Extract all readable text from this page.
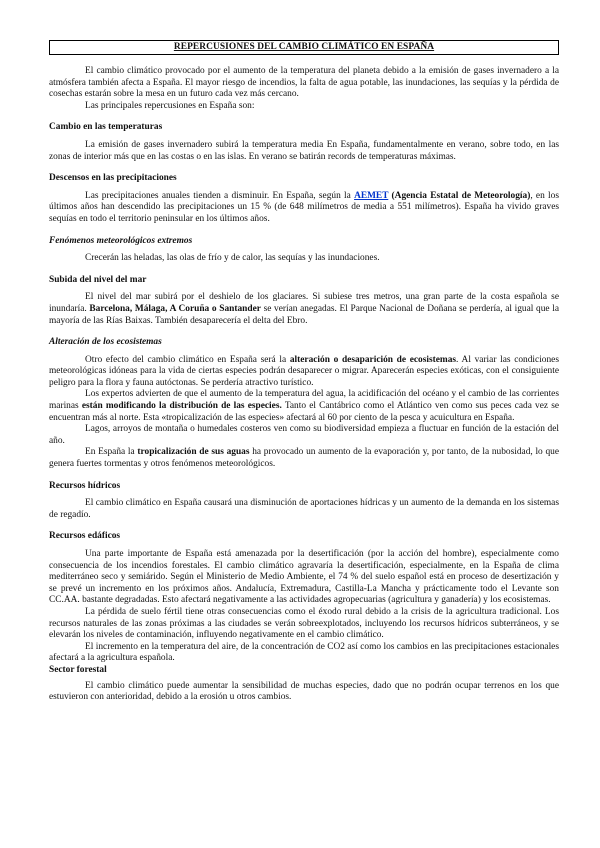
REPERCUSIONES DEL CAMBIO CLIMÁTICO EN ESPAÑA

El cambio climático provocado por el aumento de la temperatura del planeta debido a la emisión de gases invernadero a la atmósfera también afecta a España. El mayor riesgo de incendios, la falta de agua potable, las inundaciones, las sequías y la pérdida de cosechas estarán sobre la mesa en un futuro cada vez más cercano.

Las principales repercusiones en España son:

Cambio en las temperaturas

La emisión de gases invernadero subirá la temperatura media En España, fundamentalmente en verano, sobre todo, en las zonas de interior más que en las costas o en las islas. En verano se batirán records de temperaturas máximas.

Descensos en las precipitaciones

Las precipitaciones anuales tienden a disminuir. En España, según la AEMET (Agencia Estatal de Meteorología), en los últimos años han descendido las precipitaciones un 15 % (de 648 milímetros de media a 551 milímetros). España ha vivido graves sequías en todo el territorio peninsular en los últimos años.

Fenómenos meteorológicos extremos

Crecerán las heladas, las olas de frío y de calor, las sequías y las inundaciones.

Subida del nivel del mar

El nivel del mar subirá por el deshielo de los glaciares. Si subiese tres metros, una gran parte de la costa española se inundaría. Barcelona, Málaga, A Coruña o Santander se verían anegadas. El Parque Nacional de Doñana se perdería, al igual que la mayoría de las Rías Baixas. También desaparecería el delta del Ebro.

Alteración de los ecosistemas

Otro efecto del cambio climático en España será la alteración o desaparición de ecosistemas. Al variar las condiciones meteorológicas idóneas para la vida de ciertas especies podrán desaparecer o migrar. Aparecerán especies exóticas, con el consiguiente peligro para la flora y fauna autóctonas. Se perdería atractivo turístico.

Los expertos advierten de que el aumento de la temperatura del agua, la acidificación del océano y el cambio de las corrientes marinas están modificando la distribución de las especies. Tanto el Cantábrico como el Atlántico ven como sus peces cada vez se encuentran más al norte. Esta «tropicalización de las especies» afectará al 60 por ciento de la pesca y acuicultura en España.

Lagos, arroyos de montaña o humedales costeros ven como su biodiversidad empieza a fluctuar en función de la estación del año.

En España la tropicalización de sus aguas ha provocado un aumento de la evaporación y, por tanto, de la nubosidad, lo que genera fuertes tormentas y otros fenómenos meteorológicos.

Recursos hídricos

El cambio climático en España causará una disminución de aportaciones hídricas y un aumento de la demanda en los sistemas de regadío.

Recursos edáficos

Una parte importante de España está amenazada por la desertificación (por la acción del hombre), especialmente como consecuencia de los incendios forestales. El cambio climático agravaría la desertificación, especialmente, en la España de clima mediterráneo seco y semiárido. Según el Ministerio de Medio Ambiente, el 74 % del suelo español está en proceso de desertización y se prevé un incremento en los próximos años. Andalucía, Extremadura, Castilla-La Mancha y prácticamente todo el Levante son CC.AA. bastante degradadas. Esto afectará negativamente a las actividades agropecuarias (agricultura y ganadería) y los ecosistemas.

La pérdida de suelo fértil tiene otras consecuencias como el éxodo rural debido a la crisis de la agricultura tradicional. Los recursos naturales de las zonas próximas a las ciudades se verán sobreexplotados, incluyendo los recursos hídricos subterráneos, y se elevarán los niveles de contaminación, influyendo negativamente en el cambio climático.

El incremento en la temperatura del aire, de la concentración de CO2 así como los cambios en las precipitaciones estacionales afectará a la agricultura española.

Sector forestal

El cambio climático puede aumentar la sensibilidad de muchas especies, dado que no podrán ocupar terrenos en los que estuvieron con anterioridad, debido a la erosión u otros cambios.
